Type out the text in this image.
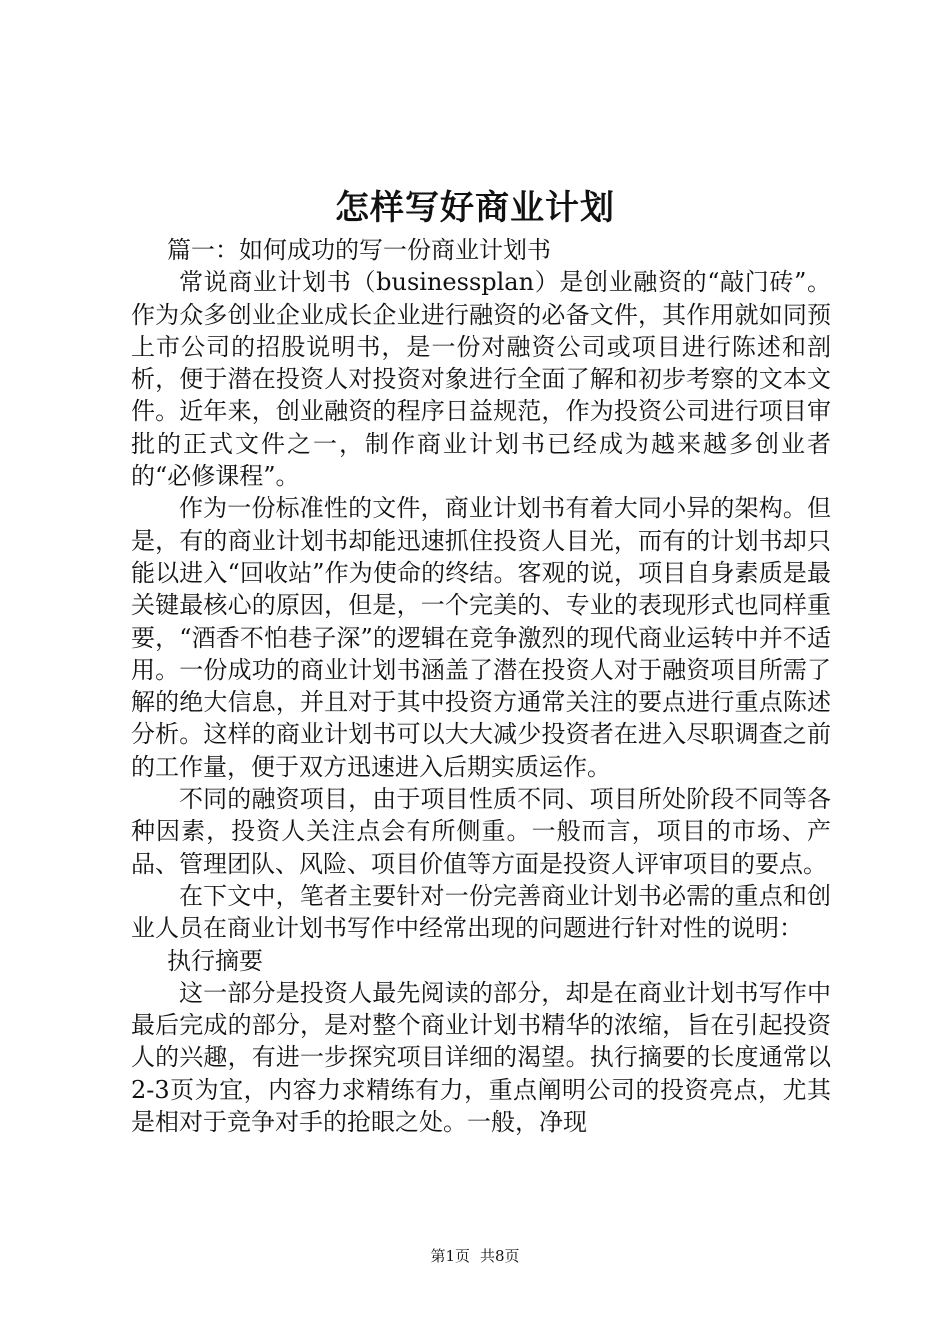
怎样写好商业计划

篇一：如何成功的写一份商业计划书

常说商业计划书（businessplan）是创业融资的“敲门砖”。作为众多创业企业成长企业进行融资的必备文件，其作用就如同预上市公司的招股说明书，是一份对融资公司或项目进行陈述和剖析，便于潜在投资人对投资对象进行全面了解和初步考察的文本文件。近年来，创业融资的程序日益规范，作为投资公司进行项目审批的正式文件之一，制作商业计划书已经成为越来越多创业者的“必修课程”。

作为一份标准性的文件，商业计划书有着大同小异的架构。但是，有的商业计划书却能迅速抓住投资人目光，而有的计划书却只能以进入“回收站”作为使命的终结。客观的说，项目自身素质是最关键最核心的原因，但是，一个完美的、专业的表现形式也同样重要，“酒香不怕巷子深”的逻辑在竞争激烈的现代商业运转中并不适用。一份成功的商业计划书涵盖了潜在投资人对于融资项目所需了解的绝大信息，并且对于其中投资方通常关注的要点进行重点陈述分析。这样的商业计划书可以大大减少投资者在进入尽职调查之前的工作量，便于双方迅速进入后期实质运作。

不同的融资项目，由于项目性质不同、项目所处阶段不同等各种因素，投资人关注点会有所侧重。一般而言，项目的市场、产品、管理团队、风险、项目价值等方面是投资人评审项目的要点。

在下文中，笔者主要针对一份完善商业计划书必需的重点和创业人员在商业计划书写作中经常出现的问题进行针对性的说明：

执行摘要

这一部分是投资人最先阅读的部分，却是在商业计划书写作中最后完成的部分，是对整个商业计划书精华的浓缩，旨在引起投资人的兴趣，有进一步探究项目详细的渴望。执行摘要的长度通常以2-3页为宜，内容力求精练有力，重点阐明公司的投资亮点，尤其是相对于竞争对手的抢眼之处。一般，净现

第1页 共8页
